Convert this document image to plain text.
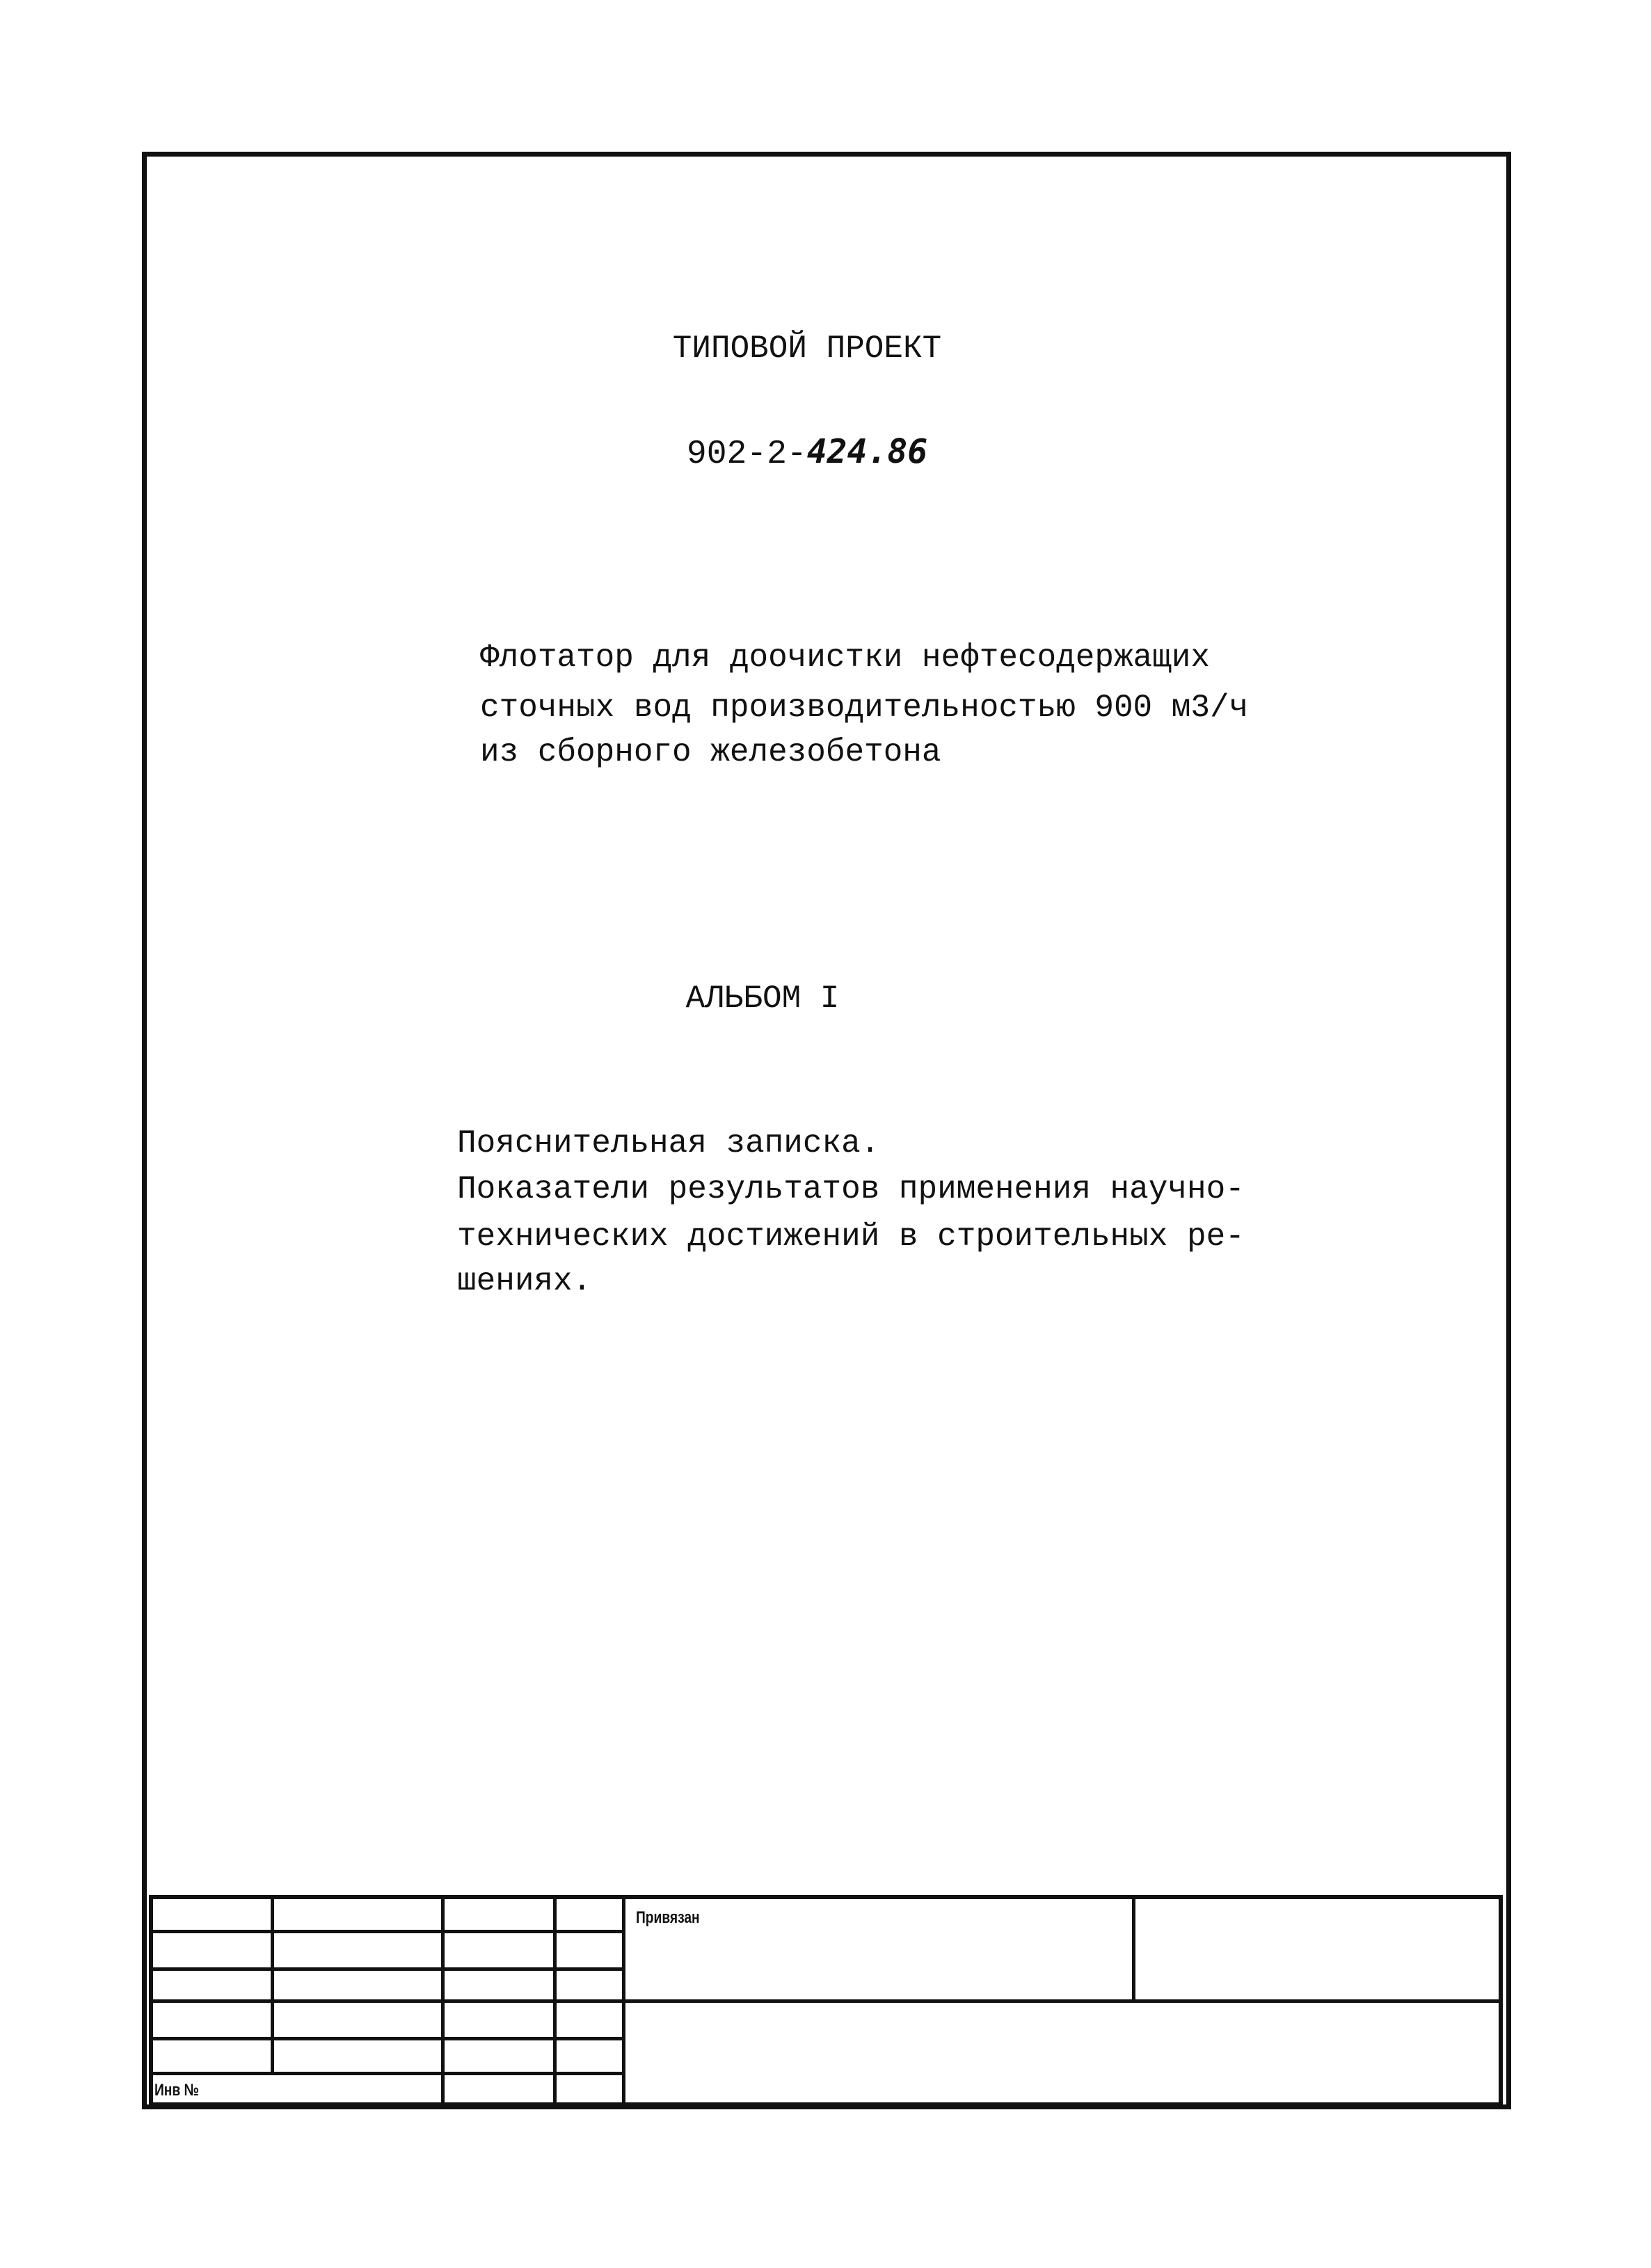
ТИПОВОЙ ПРОЕКТ
902-2-424.86
Флотатор для доочистки нефтесодержащих
сточных вод производительностью 900 м3/ч
из сборного железобетона
АЛЬБОМ I
Пояснительная записка.
Показатели результатов применения научно-
технических достижений в строительных ре-
шениях.
Привязан
Инв №
